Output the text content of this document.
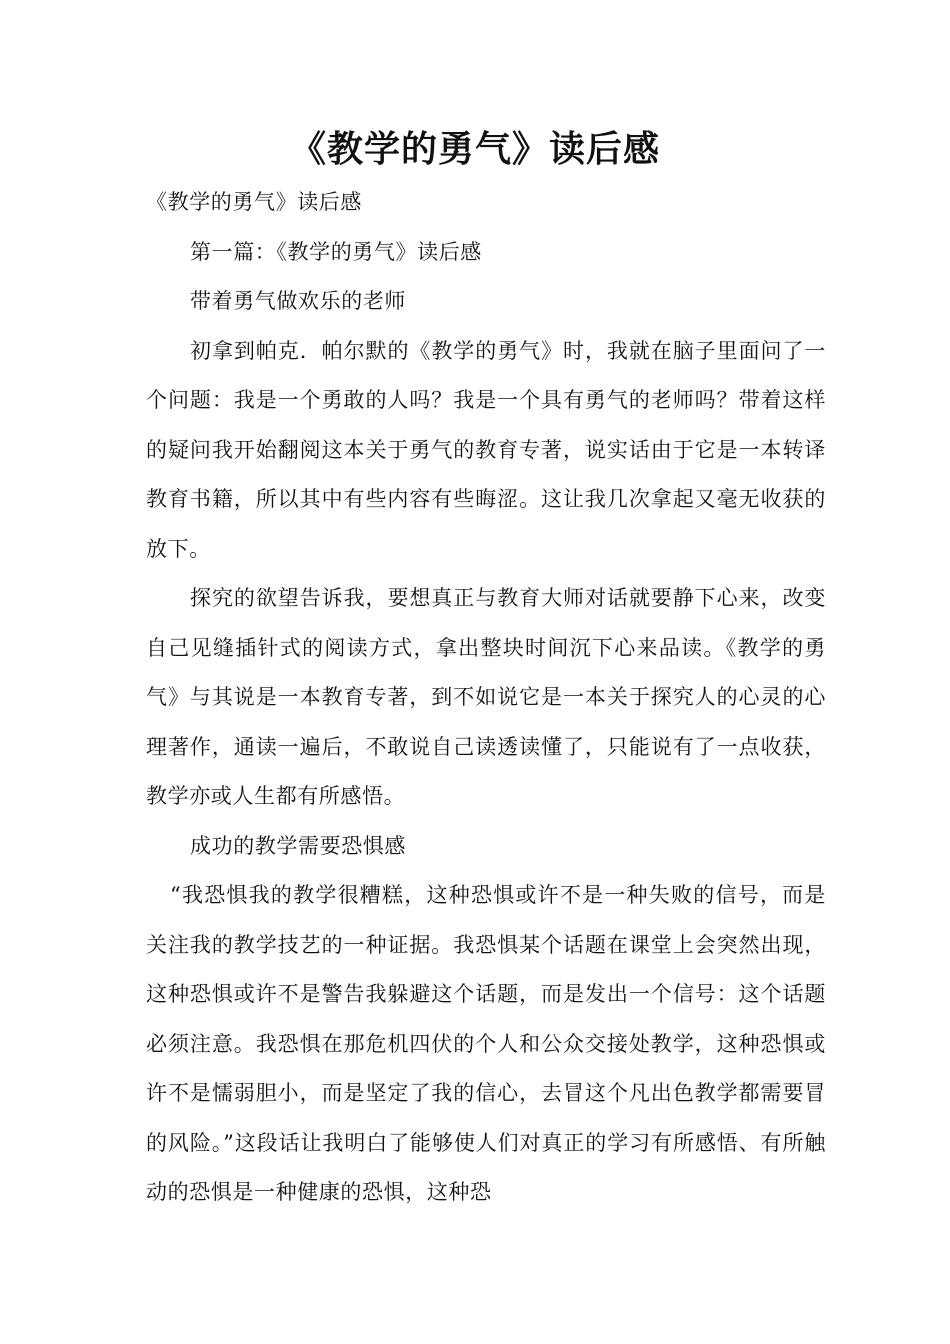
《教学的勇气》读后感

《教学的勇气》读后感

第一篇：《教学的勇气》读后感

带着勇气做欢乐的老师

初拿到帕克．帕尔默的《教学的勇气》时，我就在脑子里面问了一个问题：我是一个勇敢的人吗？我是一个具有勇气的老师吗？带着这样的疑问我开始翻阅这本关于勇气的教育专著，说实话由于它是一本转译教育书籍，所以其中有些内容有些晦涩。这让我几次拿起又毫无收获的放下。

探究的欲望告诉我，要想真正与教育大师对话就要静下心来，改变自己见缝插针式的阅读方式，拿出整块时间沉下心来品读。《教学的勇气》与其说是一本教育专著，到不如说它是一本关于探究人的心灵的心理著作，通读一遍后，不敢说自己读透读懂了，只能说有了一点收获，教学亦或人生都有所感悟。

成功的教学需要恐惧感

“我恐惧我的教学很糟糕，这种恐惧或许不是一种失败的信号，而是关注我的教学技艺的一种证据。我恐惧某个话题在课堂上会突然出现，这种恐惧或许不是警告我躲避这个话题，而是发出一个信号：这个话题必须注意。我恐惧在那危机四伏的个人和公众交接处教学，这种恐惧或许不是懦弱胆小，而是坚定了我的信心，去冒这个凡出色教学都需要冒的风险。”这段话让我明白了能够使人们对真正的学习有所感悟、有所触动的恐惧是一种健康的恐惧，这种恐
